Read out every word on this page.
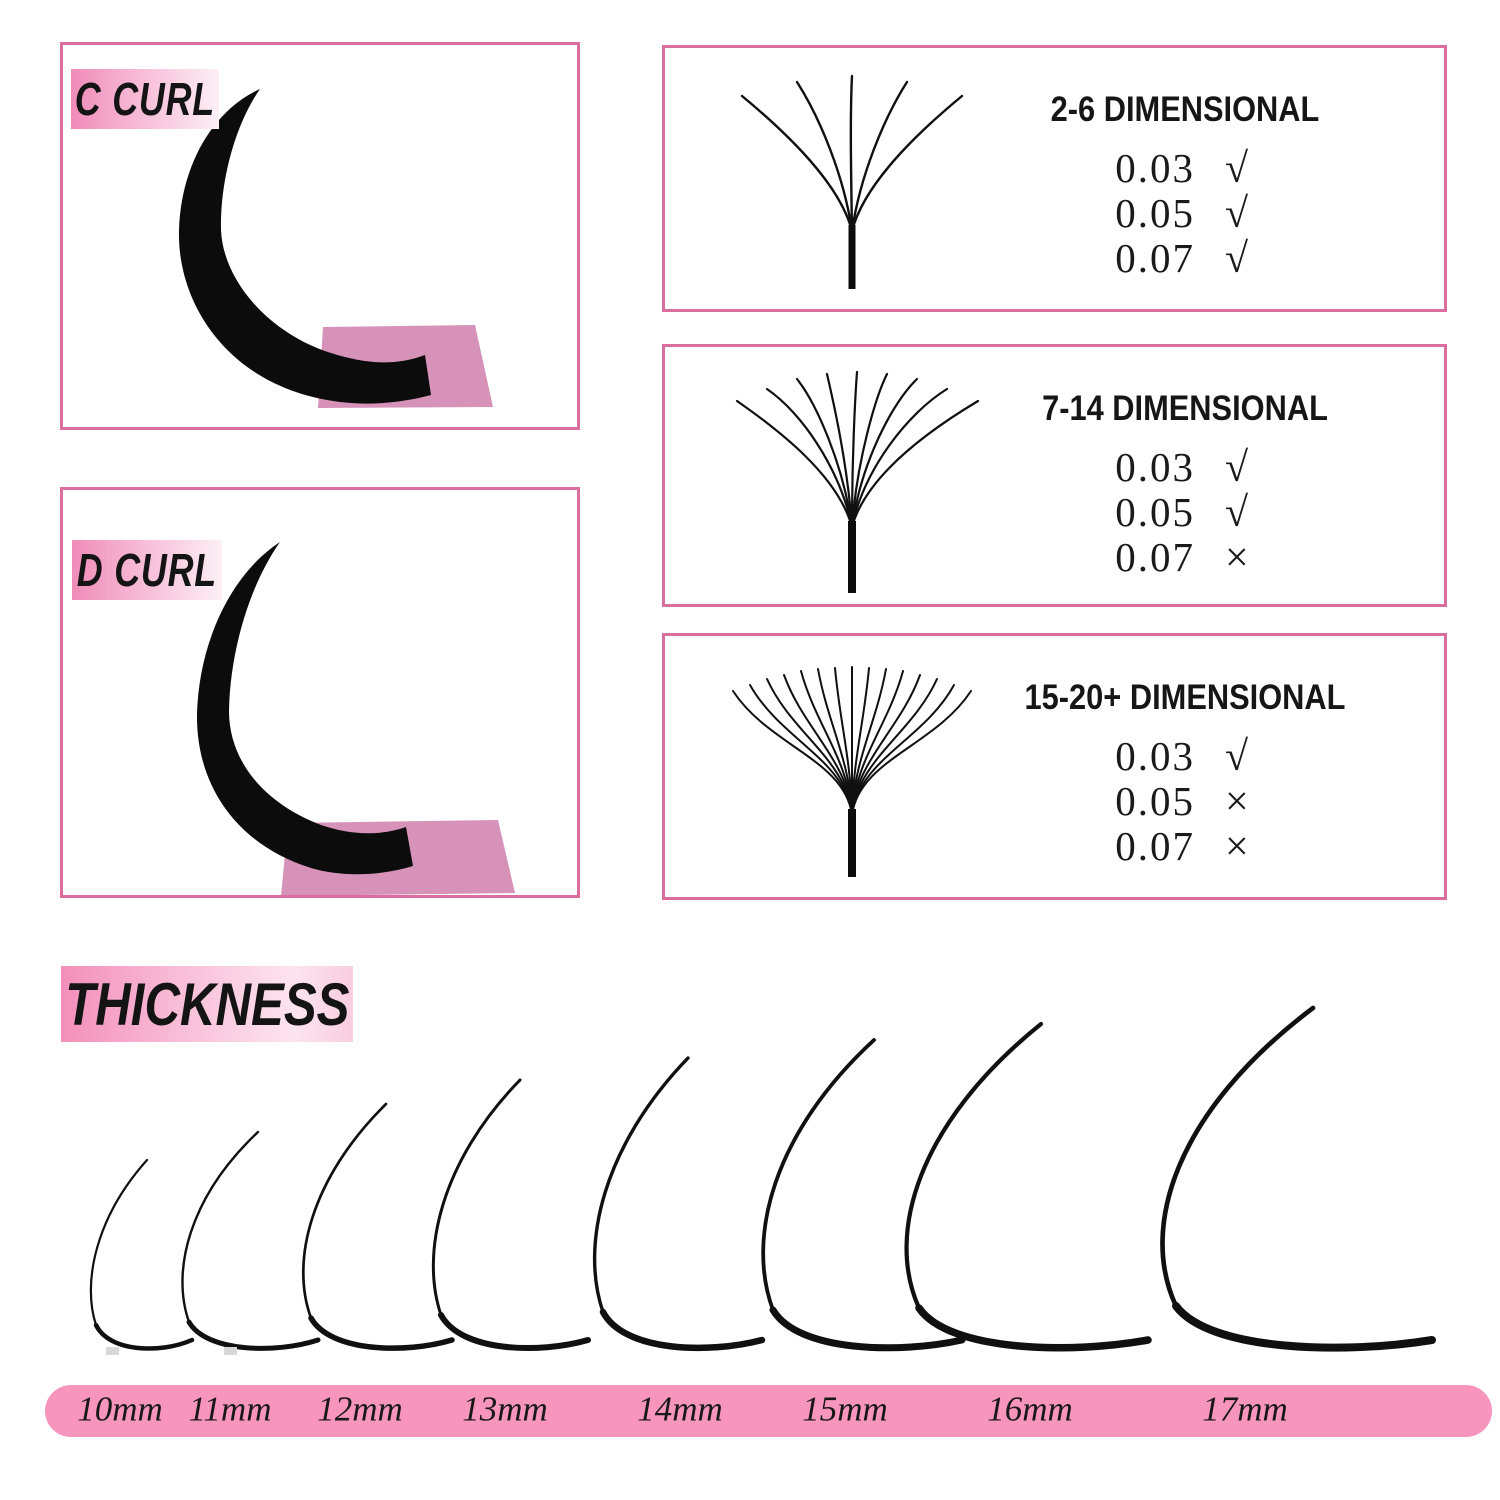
C CURL
D CURL
2-6 DIMENSIONAL
0.03 √
0.05 √
0.07 √
7-14 DIMENSIONAL
0.03 √
0.05 √
0.07 ×
15-20+ DIMENSIONAL
0.03 √
0.05 ×
0.07 ×
THICKNESS
10mm 11mm 12mm 13mm	14mm 15mm	16mm	17mm
